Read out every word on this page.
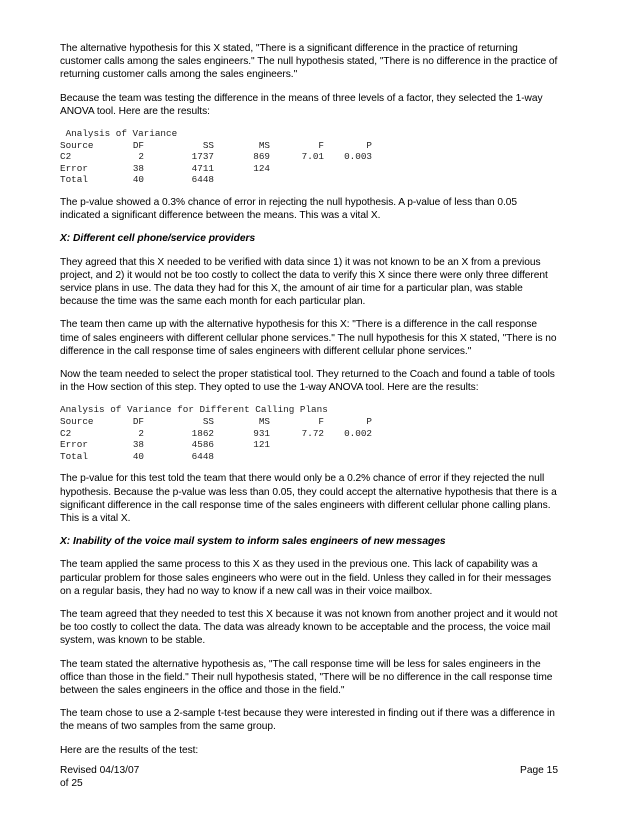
The alternative hypothesis for this X stated, "There is a significant difference in the practice of returning customer calls among the sales engineers." The null hypothesis stated, "There is no difference in the practice of returning customer calls among the sales engineers."

Because the team was testing the difference in the means of three levels of a factor, they selected the 1-way ANOVA tool. Here are the results:

Analysis of Variance
Source	DF	SS	MS	F	P
C2	2	1737	869	7.01	0.003
Error	38	4711	124
Total	40	6448

The p-value showed a 0.3% chance of error in rejecting the null hypothesis. A p-value of less than 0.05 indicated a significant difference between the means. This was a vital X.

X: Different cell phone/service providers

They agreed that this X needed to be verified with data since 1) it was not known to be an X from a previous project, and 2) it would not be too costly to collect the data to verify this X since there were only three different service plans in use. The data they had for this X, the amount of air time for a particular plan, was stable because the time was the same each month for each particular plan.

The team then came up with the alternative hypothesis for this X: "There is a difference in the call response time of sales engineers with different cellular phone services." The null hypothesis for this X stated, "There is no difference in the call response time of sales engineers with different cellular phone services."

Now the team needed to select the proper statistical tool. They returned to the Coach and found a table of tools in the How section of this step. They opted to use the 1-way ANOVA tool. Here are the results:

Analysis of Variance for Different Calling Plans
Source	DF	SS	MS	F	P
C2	2	1862	931	7.72	0.002
Error	38	4586	121
Total	40	6448

The p-value for this test told the team that there would only be a 0.2% chance of error if they rejected the null hypothesis. Because the p-value was less than 0.05, they could accept the alternative hypothesis that there is a significant difference in the call response time of the sales engineers with different cellular phone calling plans. This is a vital X.

X: Inability of the voice mail system to inform sales engineers of new messages

The team applied the same process to this X as they used in the previous one. This lack of capability was a particular problem for those sales engineers who were out in the field. Unless they called in for their messages on a regular basis, they had no way to know if a new call was in their voice mailbox.

The team agreed that they needed to test this X because it was not known from another project and it would not be too costly to collect the data. The data was already known to be acceptable and the process, the voice mail system, was known to be stable.

The team stated the alternative hypothesis as, "The call response time will be less for sales engineers in the office than those in the field." Their null hypothesis stated, "There will be no difference in the call response time between the sales engineers in the office and those in the field."

The team chose to use a 2-sample t-test because they were interested in finding out if there was a difference in the means of two samples from the same group.

Here are the results of the test:

Revised 04/13/07
of 25
Page 15
